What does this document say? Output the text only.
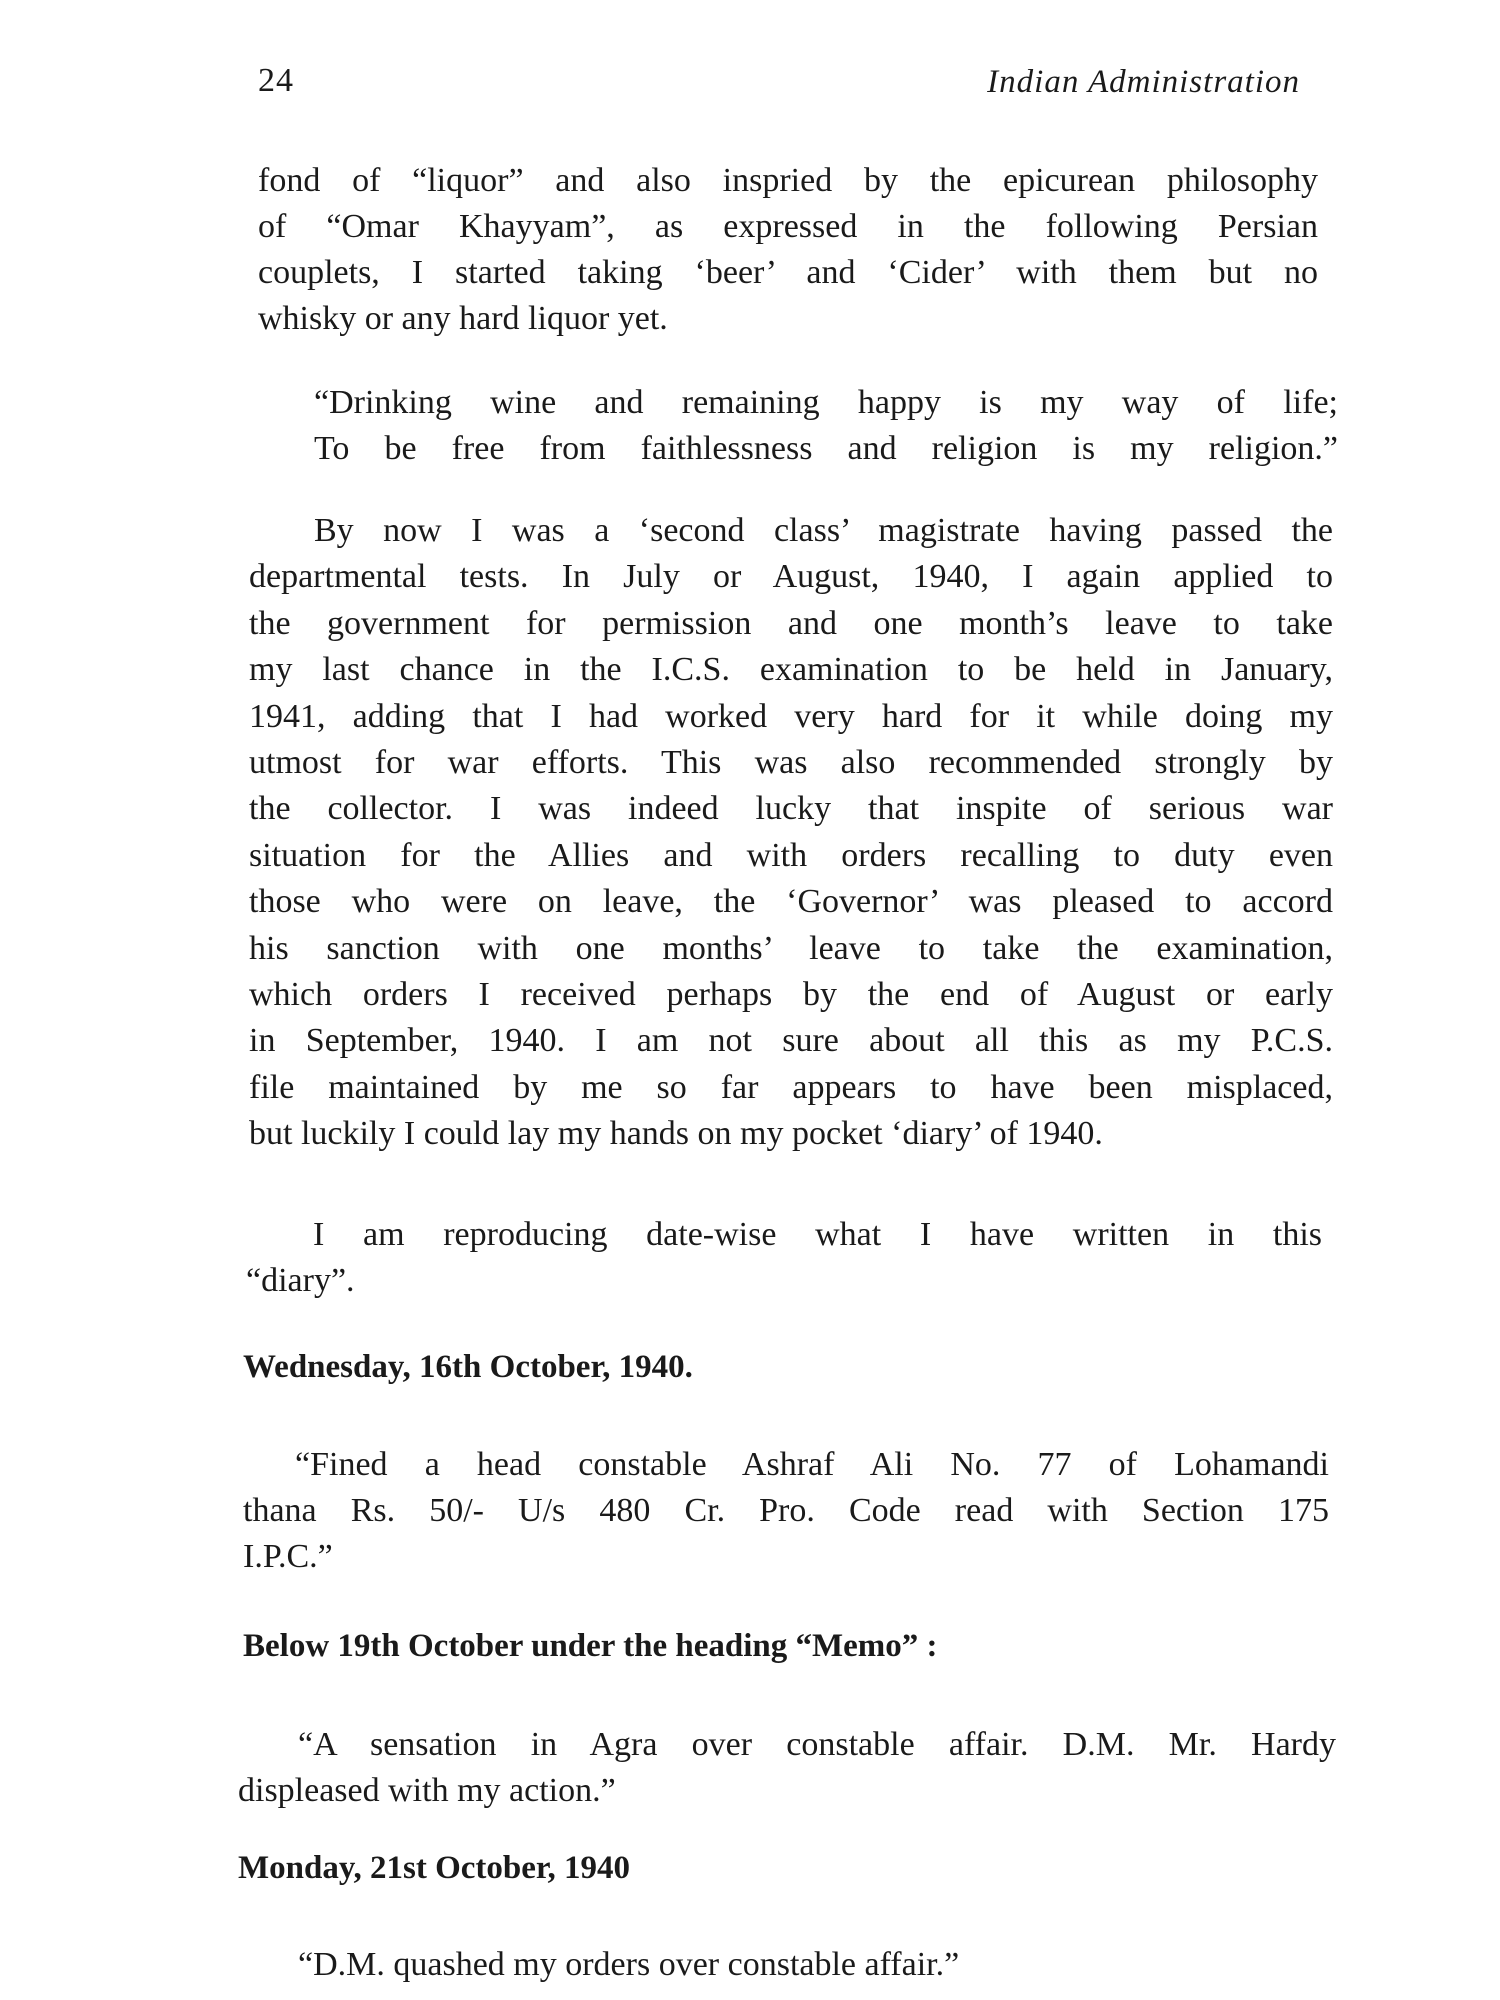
24	Indian Administration
fond of “liquor” and also inspried by the epicurean philosophy
of “Omar Khayyam”, as expressed in the following Persian
couplets, I started taking ‘beer’ and ‘Cider’ with them but no
whisky or any hard liquor yet.
“Drinking wine and remaining happy is my way of life;
To be free from faithlessness and religion is my religion.”
By now I was a ‘second class’ magistrate having passed the
departmental tests. In July or August, 1940, I again applied to
the government for permission and one month’s leave to take
my last chance in the I.C.S. examination to be held in January,
1941, adding that I had worked very hard for it while doing my
utmost for war efforts. This was also recommended strongly by
the collector. I was indeed lucky that inspite of serious war
situation for the Allies and with orders recalling to duty even
those who were on leave, the ‘Governor’ was pleased to accord
his sanction with one months’ leave to take the examination,
which orders I received perhaps by the end of August or early
in September, 1940. I am not sure about all this as my P.C.S.
file maintained by me so far appears to have been misplaced,
but luckily I could lay my hands on my pocket ‘diary’ of 1940.
I am reproducing date-wise what I have written in this
“diary”.
Wednesday, 16th October, 1940.
“Fined a head constable Ashraf Ali No. 77 of Lohamandi
thana Rs. 50/- U/s 480 Cr. Pro. Code read with Section 175
I.P.C.”
Below 19th October under the heading “Memo” :
“A sensation in Agra over constable affair. D.M. Mr. Hardy
displeased with my action.”
Monday, 21st October, 1940
“D.M. quashed my orders over constable affair.”
